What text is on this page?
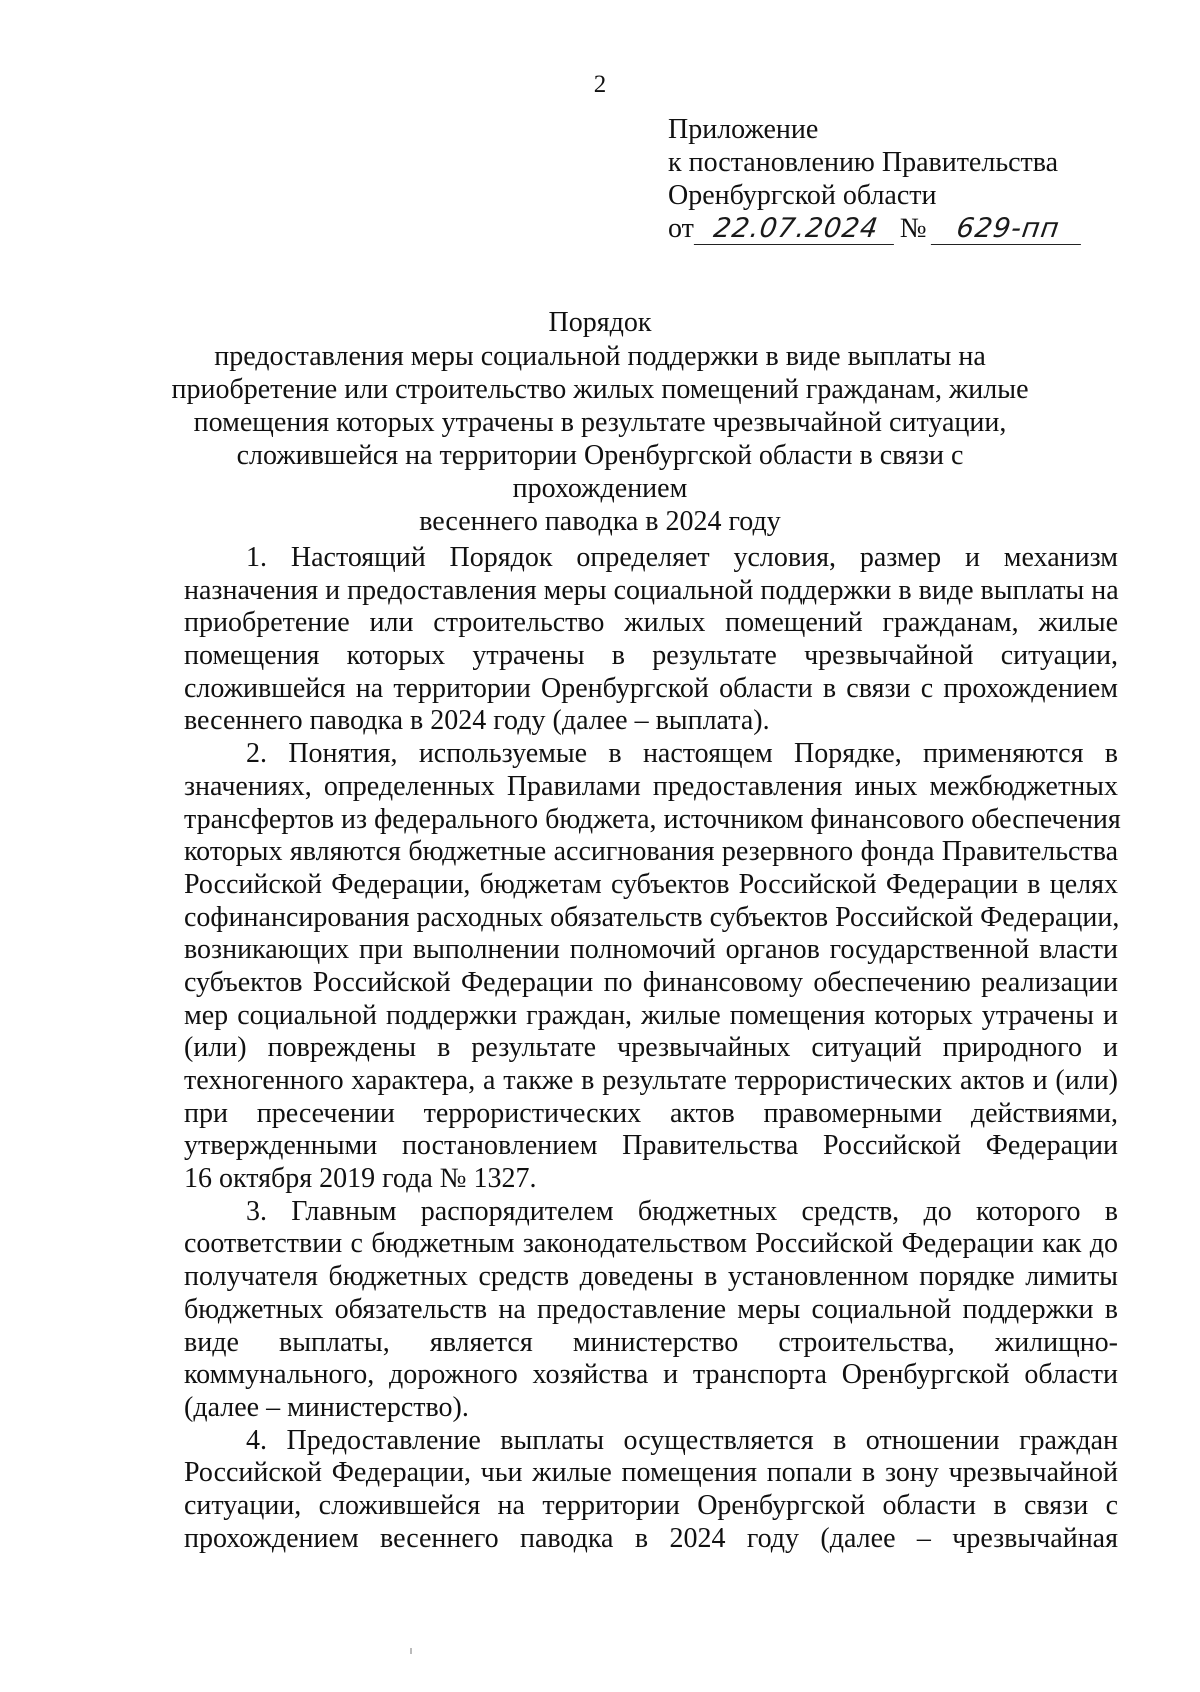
2
Приложение
к постановлению Правительства
Оренбургской области
от 22.07.2024 №	629-пп
Порядок
предоставления меры социальной поддержки в виде выплаты на
приобретение или строительство жилых помещений гражданам, жилые
помещения которых утрачены в результате чрезвычайной ситуации,
сложившейся на территории Оренбургской области в связи с прохождением
весеннего паводка в 2024 году
1. Настоящий Порядок определяет условия, размер и механизм
назначения и предоставления меры социальной поддержки в виде выплаты на
приобретение или строительство жилых помещений гражданам, жилые
помещения которых утрачены в результате чрезвычайной ситуации,
сложившейся на территории Оренбургской области в связи с прохождением
весеннего паводка в 2024 году (далее – выплата).
2. Понятия, используемые в настоящем Порядке, применяются в
значениях, определенных Правилами предоставления иных межбюджетных
трансфертов из федерального бюджета, источником финансового обеспечения
которых являются бюджетные ассигнования резервного фонда Правительства
Российской Федерации, бюджетам субъектов Российской Федерации в целях
софинансирования расходных обязательств субъектов Российской Федерации,
возникающих при выполнении полномочий органов государственной власти
субъектов Российской Федерации по финансовому обеспечению реализации
мер социальной поддержки граждан, жилые помещения которых утрачены и
(или) повреждены в результате чрезвычайных ситуаций природного и
техногенного характера, а также в результате террористических актов и (или)
при пресечении террористических актов правомерными действиями,
утвержденными постановлением Правительства Российской Федерации
16 октября 2019 года № 1327.
3. Главным распорядителем бюджетных средств, до которого в
соответствии с бюджетным законодательством Российской Федерации как до
получателя бюджетных средств доведены в установленном порядке лимиты
бюджетных обязательств на предоставление меры социальной поддержки в
виде выплаты, является министерство строительства, жилищно-
коммунального, дорожного хозяйства и транспорта Оренбургской области
(далее – министерство).
4. Предоставление выплаты осуществляется в отношении граждан
Российской Федерации, чьи жилые помещения попали в зону чрезвычайной
ситуации, сложившейся на территории Оренбургской области в связи с
прохождением весеннего паводка в 2024 году (далее – чрезвычайная
